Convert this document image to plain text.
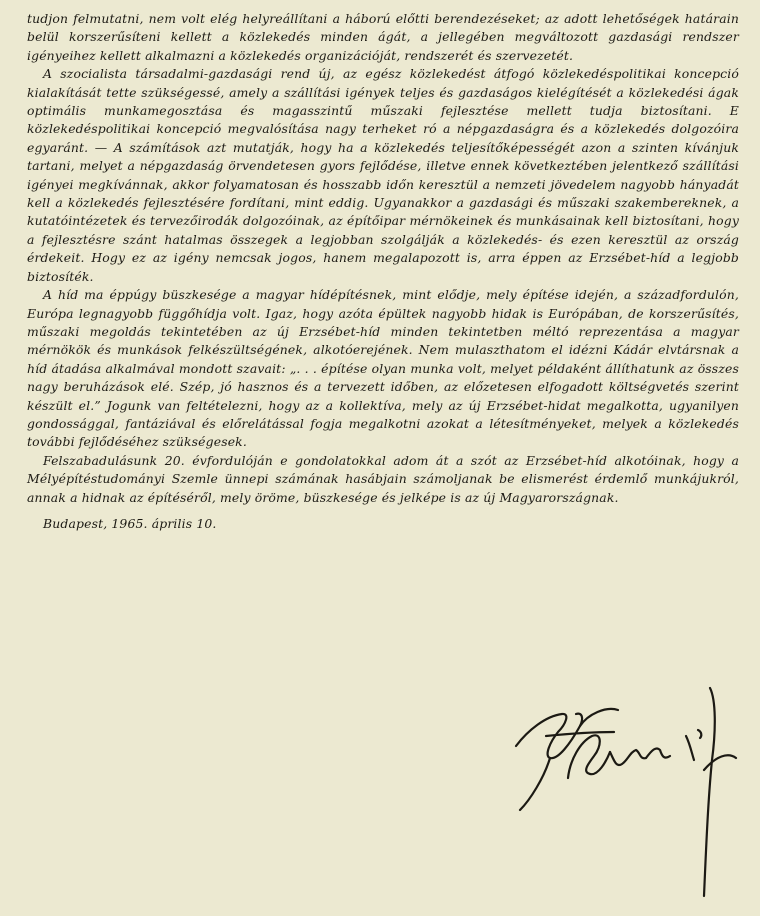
tudjon felmutatni, nem volt elég helyreállítani a háború előtti berendezéseket; az adott lehetőségek határain belül korszerűsíteni kellett a közlekedés minden ágát, a jellegében megváltozott gazdasági rendszer igényeihez kellett alkalmazni a közlekedés organizációját, rendszerét és szervezetét.

A szocialista társadalmi-gazdasági rend új, az egész közlekedést átfogó közlekedéspolitikai koncepció kialakítását tette szükségessé, amely a szállítási igények teljes és gazdaságos kielégítését a közlekedési ágak optimális munkamegosztása és magasszintű műszaki fejlesztése mellett tudja biztosítani. E közlekedéspolitikai koncepció megvalósítása nagy terheket ró a népgazdaságra és a közlekedés dolgozóira egyaránt. — A számítások azt mutatják, hogy ha a közlekedés teljesítőképességét azon a szinten kívánjuk tartani, melyet a népgazdaság örvendetesen gyors fejlődése, illetve ennek következtében jelentkező szállítási igényei megkívánnak, akkor folyamatosan és hosszabb időn keresztül a nemzeti jövedelem nagyobb hányadát kell a közlekedés fejlesztésére fordítani, mint eddig. Ugyanakkor a gazdasági és műszaki szakembereknek, a kutatóintézetek és tervezőirodák dolgozóinak, az építőipar mérnökeinek és munkásainak kell biztosítani, hogy a fejlesztésre szánt hatalmas összegek a legjobban szolgálják a közlekedés- és ezen keresztül az ország érdekeit. Hogy ez az igény nemcsak jogos, hanem megalapozott is, arra éppen az Erzsébet-híd a legjobb biztosíték.

A híd ma éppúgy büszkesége a magyar hídépítésnek, mint elődje, mely építése idején, a századfordulón, Európa legnagyobb függőhídja volt. Igaz, hogy azóta épültek nagyobb hidak is Európában, de korszerűsítés, műszaki megoldás tekintetében az új Erzsébet-híd minden tekintetben méltó reprezentása a magyar mérnökök és munkások felkészültségének, alkotóerejének. Nem mulaszthatom el idézni Kádár elvtársnak a híd átadása alkalmával mondott szavait: „. . . építése olyan munka volt, melyet példaként állíthatunk az összes nagy beruházások elé. Szép, jó hasznos és a tervezett időben, az előzetesen elfogadott költségvetés szerint készült el.” Jogunk van feltételezni, hogy az a kollektíva, mely az új Erzsébet-hidat megalkotta, ugyanilyen gondossággal, fantáziával és előrelátással fogja megalkotni azokat a létesítményeket, melyek a közlekedés további fejlődéséhez szükségesek.

Felszabadulásunk 20. évfordulóján e gondolatokkal adom át a szót az Erzsébet-híd alkotóinak, hogy a Mélyépítéstudományi Szemle ünnepi számának hasábjain számoljanak be elismerést érdemlő munkájukról, annak a hidnak az építéséről, mely öröme, büszkesége és jelképe is az új Magyarországnak.

Budapest, 1965. április 10.
